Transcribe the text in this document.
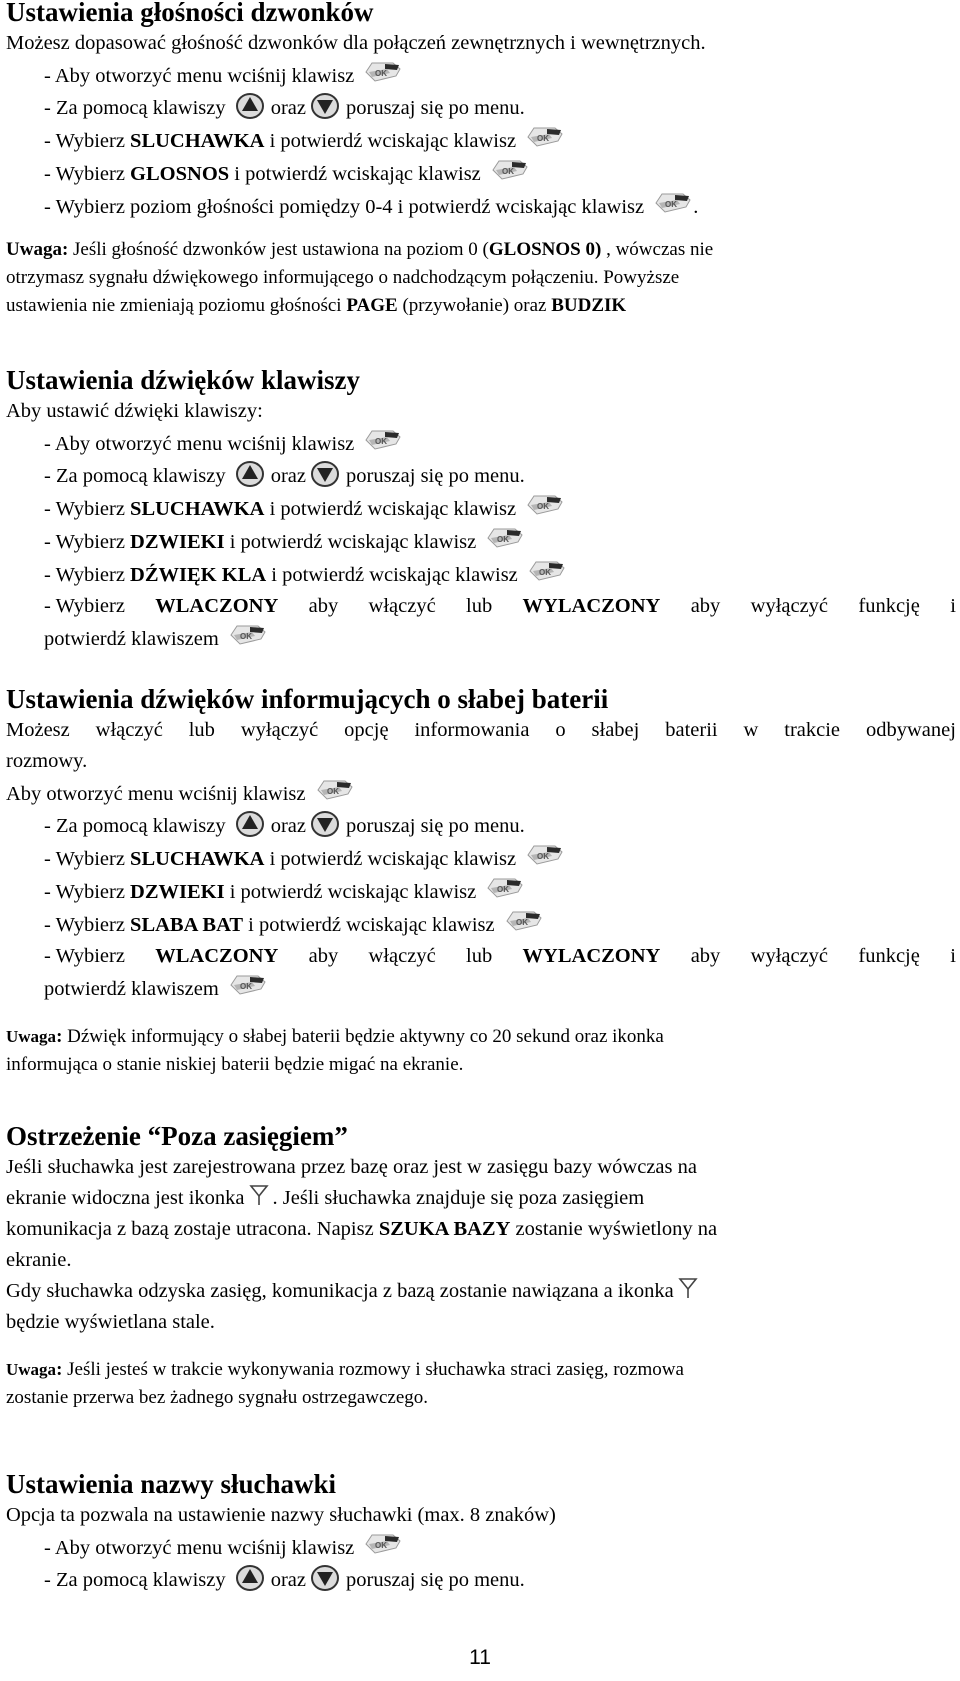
Ustawienia głośności dzwonków
Możesz dopasować głośność dzwonków dla połączeń zewnętrznych i wewnętrznych.
- Aby otworzyć menu wciśnij klawisz
- Za pomocą klawiszy oraz poruszaj się po menu.
- Wybierz SLUCHAWKA i potwierdź wciskając klawisz
- Wybierz GLOSNOS i potwierdź wciskając klawisz
- Wybierz poziom głośności pomiędzy 0-4 i potwierdź wciskając klawisz .
Uwaga: Jeśli głośność dzwonków jest ustawiona na poziom 0 (GLOSNOS 0) , wówczas nie
otrzymasz sygnału dźwiękowego informującego o nadchodzącym połączeniu. Powyższe
ustawienia nie zmieniają poziomu głośności PAGE (przywołanie) oraz BUDZIK
Ustawienia dźwięków klawiszy
Aby ustawić dźwięki klawiszy:
- Aby otworzyć menu wciśnij klawisz
- Za pomocą klawiszy oraz poruszaj się po menu.
- Wybierz SLUCHAWKA i potwierdź wciskając klawisz
- Wybierz DZWIEKI i potwierdź wciskając klawisz
- Wybierz DŹWIĘK KLA i potwierdź wciskając klawisz
- Wybierz WLACZONY aby włączyć lub WYLACZONY aby wyłączyć funkcję i
potwierdź klawiszem
Ustawienia dźwięków informujących o słabej baterii
Możesz włączyć lub wyłączyć opcję informowania o słabej baterii w trakcie odbywanej
rozmowy.
Aby otworzyć menu wciśnij klawisz
- Za pomocą klawiszy oraz poruszaj się po menu.
- Wybierz SLUCHAWKA i potwierdź wciskając klawisz
- Wybierz DZWIEKI i potwierdź wciskając klawisz
- Wybierz SLABA BAT i potwierdź wciskając klawisz
- Wybierz WLACZONY aby włączyć lub WYLACZONY aby wyłączyć funkcję i
potwierdź klawiszem
Uwaga: Dźwięk informujący o słabej baterii będzie aktywny co 20 sekund oraz ikonka
informująca o stanie niskiej baterii będzie migać na ekranie.
Ostrzeżenie “Poza zasięgiem”
Jeśli słuchawka jest zarejestrowana przez bazę oraz jest w zasięgu bazy wówczas na
ekranie widoczna jest ikonka . Jeśli słuchawka znajduje się poza zasięgiem
komunikacja z bazą zostaje utracona. Napisz SZUKA BAZY zostanie wyświetlony na
ekranie.
Gdy słuchawka odzyska zasięg, komunikacja z bazą zostanie nawiązana a ikonka
będzie wyświetlana stale.
Uwaga: Jeśli jesteś w trakcie wykonywania rozmowy i słuchawka straci zasięg, rozmowa
zostanie przerwa bez żadnego sygnału ostrzegawczego.
Ustawienia nazwy słuchawki
Opcja ta pozwala na ustawienie nazwy słuchawki (max. 8 znaków)
- Aby otworzyć menu wciśnij klawisz
- Za pomocą klawiszy oraz poruszaj się po menu.
11
